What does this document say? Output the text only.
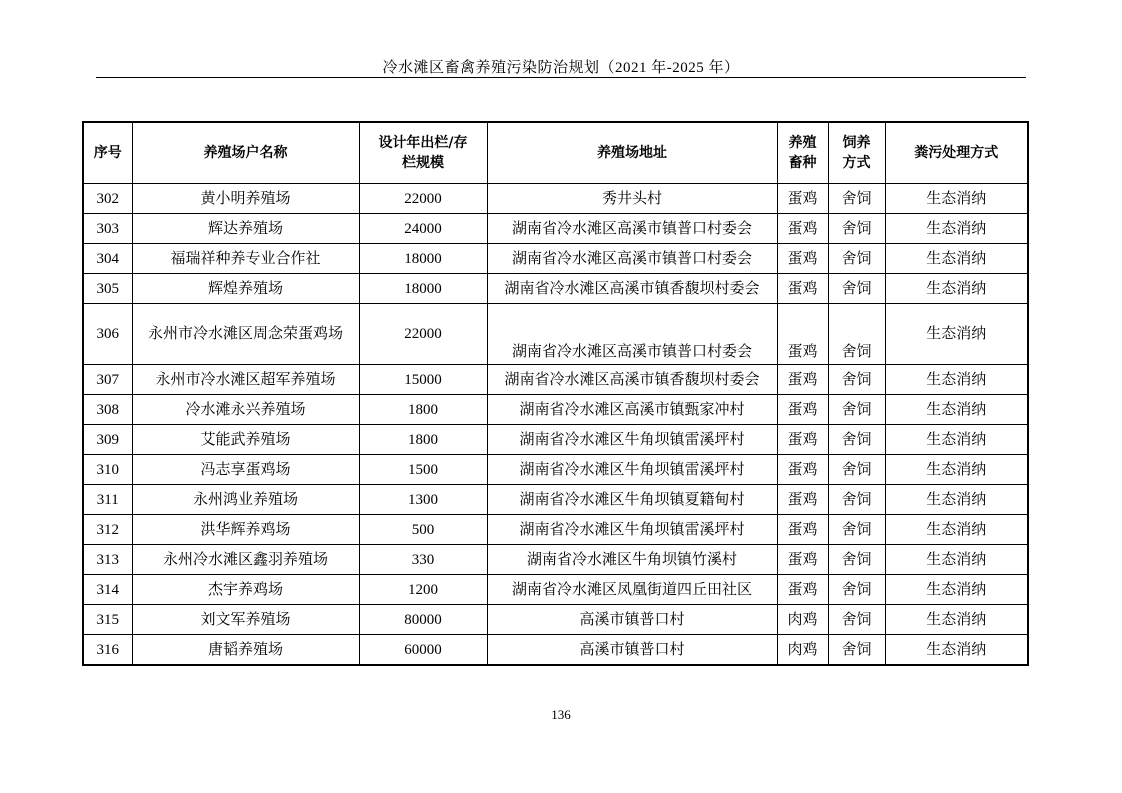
冷水滩区畜禽养殖污染防治规划（2021 年-2025 年）
序号	养殖场户名称	设计年出栏/存栏规模	养殖场地址	养殖畜种	饲养方式	粪污处理方式
302	黄小明养殖场	22000	秀井头村	蛋鸡	舍饲	生态消纳
303	辉达养殖场	24000	湖南省冷水滩区高溪市镇普口村委会	蛋鸡	舍饲	生态消纳
304	福瑞祥种养专业合作社	18000	湖南省冷水滩区高溪市镇普口村委会	蛋鸡	舍饲	生态消纳
305	辉煌养殖场	18000	湖南省冷水滩区高溪市镇香馥坝村委会	蛋鸡	舍饲	生态消纳
306	永州市冷水滩区周念荣蛋鸡场	22000	湖南省冷水滩区高溪市镇普口村委会	蛋鸡	舍饲	生态消纳
307	永州市冷水滩区超军养殖场	15000	湖南省冷水滩区高溪市镇香馥坝村委会	蛋鸡	舍饲	生态消纳
308	冷水滩永兴养殖场	1800	湖南省冷水滩区高溪市镇甄家冲村	蛋鸡	舍饲	生态消纳
309	艾能武养殖场	1800	湖南省冷水滩区牛角坝镇雷溪坪村	蛋鸡	舍饲	生态消纳
310	冯志享蛋鸡场	1500	湖南省冷水滩区牛角坝镇雷溪坪村	蛋鸡	舍饲	生态消纳
311	永州鸿业养殖场	1300	湖南省冷水滩区牛角坝镇夏籍甸村	蛋鸡	舍饲	生态消纳
312	洪华辉养鸡场	500	湖南省冷水滩区牛角坝镇雷溪坪村	蛋鸡	舍饲	生态消纳
313	永州冷水滩区鑫羽养殖场	330	湖南省冷水滩区牛角坝镇竹溪村	蛋鸡	舍饲	生态消纳
314	杰宇养鸡场	1200	湖南省冷水滩区凤凰街道四丘田社区	蛋鸡	舍饲	生态消纳
315	刘文军养殖场	80000	高溪市镇普口村	肉鸡	舍饲	生态消纳
316	唐韬养殖场	60000	高溪市镇普口村	肉鸡	舍饲	生态消纳
136
